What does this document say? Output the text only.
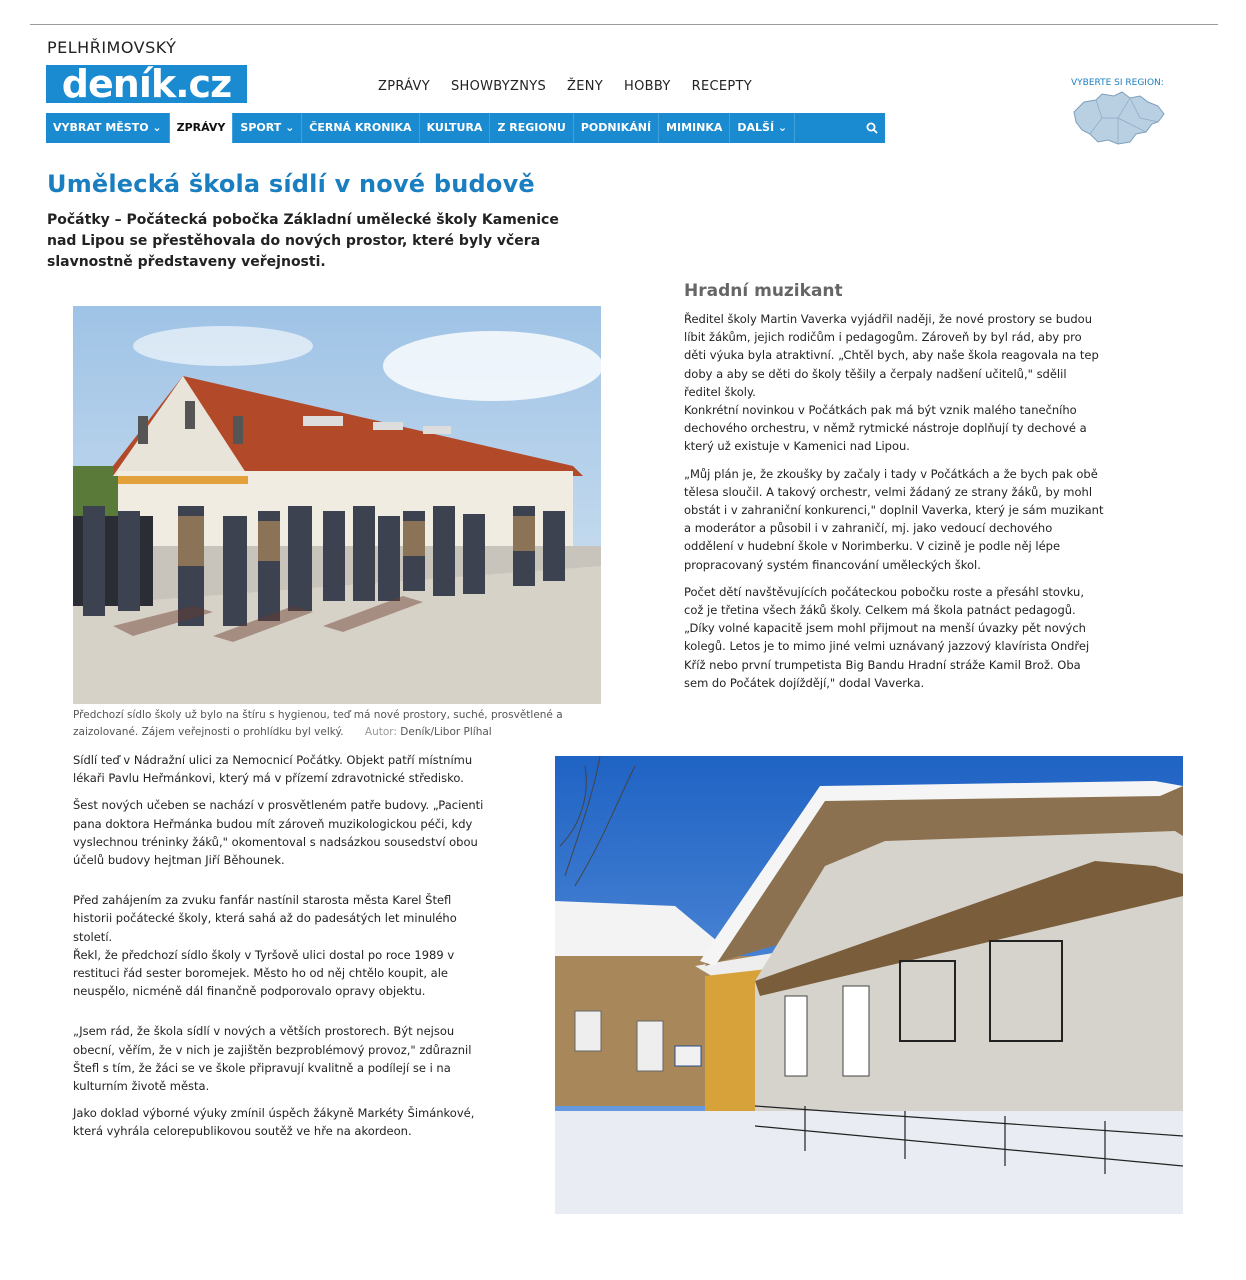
PELHŘIMOVSKÝ
deník.cz	ZPRÁVY SHOWBYZNYS ŽENY HOBBY RECEPTY	VYBERTE SI REGION:
VYBRAT MĚSTO ⌄	ZPRÁVY	SPORT ⌄	ČERNÁ KRONIKA	KULTURA	Z REGIONU	PODNIKÁNÍ	MIMINKA	DALŠÍ ⌄
Umělecká škola sídlí v nové budově
Počátky – Počátecká pobočka Základní umělecké školy Kamenice nad Lipou se přestěhovala do nových prostor, které byly včera slavnostně představeny veřejnosti.
Předchozí sídlo školy už bylo na štíru s hygienou, teď má nové prostory, suché, prosvětlené a zaizolované. Zájem veřejnosti o prohlídku byl velký. Autor: Deník/Libor Plíhal
Hradní muzikant

Ředitel školy Martin Vaverka vyjádřil naději, že nové prostory se budou líbit žákům, jejich rodičům i pedagogům. Zároveň by byl rád, aby pro děti výuka byla atraktivní. „Chtěl bych, aby naše škola reagovala na tep doby a aby se děti do školy těšily a čerpaly nadšení učitelů," sdělil ředitel školy.
Konkrétní novinkou v Počátkách pak má být vznik malého tanečního dechového orchestru, v němž rytmické nástroje doplňují ty dechové a který už existuje v Kamenici nad Lipou.

„Můj plán je, že zkoušky by začaly i tady v Počátkách a že bych pak obě tělesa sloučil. A takový orchestr, velmi žádaný ze strany žáků, by mohl obstát i v zahraniční konkurenci," doplnil Vaverka, který je sám muzikant a moderátor a působil i v zahraničí, mj. jako vedoucí dechového oddělení v hudební škole v Norimberku. V cizině je podle něj lépe propracovaný systém financování uměleckých škol.

Počet dětí navštěvujících počáteckou pobočku roste a přesáhl stovku, což je třetina všech žáků školy. Celkem má škola patnáct pedagogů.
„Díky volné kapacitě jsem mohl přijmout na menší úvazky pět nových kolegů. Letos je to mimo jiné velmi uznávaný jazzový klavírista Ondřej Kříž nebo první trumpetista Big Bandu Hradní stráže Kamil Brož. Oba sem do Počátek dojíždějí," dodal Vaverka.

Sídlí teď v Nádražní ulici za Nemocnicí Počátky. Objekt patří místnímu lékaři Pavlu Heřmánkovi, který má v přízemí zdravotnické středisko.

Šest nových učeben se nachází v prosvětleném patře budovy. „Pacienti pana doktora Heřmánka budou mít zároveň muzikologickou péči, kdy vyslechnou tréninky žáků," okomentoval s nadsázkou sousedství obou účelů budovy hejtman Jiří Běhounek.

Před zahájením za zvuku fanfár nastínil starosta města Karel Štefl historii počátecké školy, která sahá až do padesátých let minulého století.
Řekl, že předchozí sídlo školy v Tyršově ulici dostal po roce 1989 v restituci řád sester boromejek. Město ho od něj chtělo koupit, ale neuspělo, nicméně dál finančně podporovalo opravy objektu.

„Jsem rád, že škola sídlí v nových a větších prostorech. Být nejsou obecní, věřím, že v nich je zajištěn bezproblémový provoz," zdůraznil Štefl s tím, že žáci se ve škole připravují kvalitně a podílejí se i na kulturním životě města.

Jako doklad výborné výuky zmínil úspěch žákyně Markéty Šimánkové, která vyhrála celorepublikovou soutěž ve hře na akordeon.
